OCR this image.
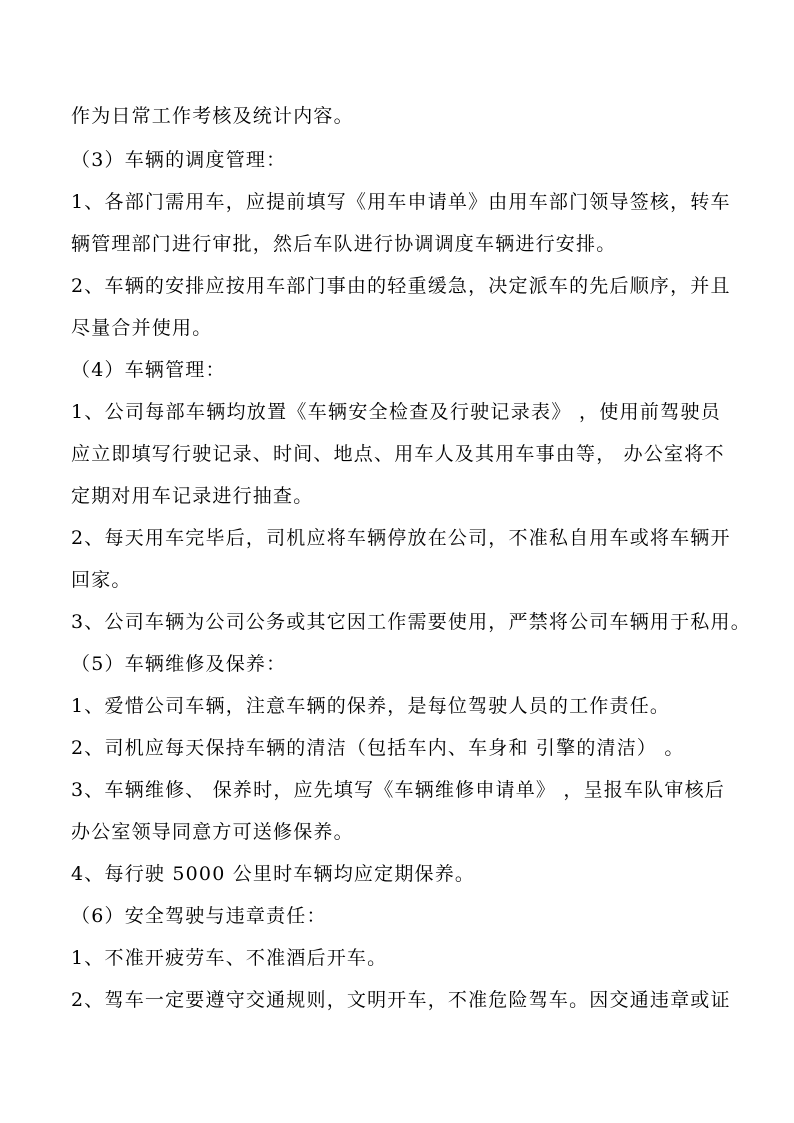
作为日常工作考核及统计内容。
（3）车辆的调度管理：
1、各部门需用车，应提前填写《用车申请单》由用车部门领导签核，转车
辆管理部门进行审批，然后车队进行协调调度车辆进行安排。
2、车辆的安排应按用车部门事由的轻重缓急，决定派车的先后顺序，并且
尽量合并使用。
（4）车辆管理：
1、公司每部车辆均放置《车辆安全检查及行驶记录表》 ，使用前驾驶员
应立即填写行驶记录、时间、地点、用车人及其用车事由等， 办公室将不
定期对用车记录进行抽查。
2、每天用车完毕后，司机应将车辆停放在公司，不准私自用车或将车辆开
回家。
3、公司车辆为公司公务或其它因工作需要使用，严禁将公司车辆用于私用。
（5）车辆维修及保养：
1、爱惜公司车辆，注意车辆的保养，是每位驾驶人员的工作责任。
2、司机应每天保持车辆的清洁（包括车内、车身和 引擎的清洁） 。
3、车辆维修、 保养时，应先填写《车辆维修申请单》 ，呈报车队审核后
办公室领导同意方可送修保养。
4、每行驶 5000 公里时车辆均应定期保养。
（6）安全驾驶与违章责任：
1、不准开疲劳车、不准酒后开车。
2、驾车一定要遵守交通规则，文明开车，不准危险驾车。因交通违章或证
